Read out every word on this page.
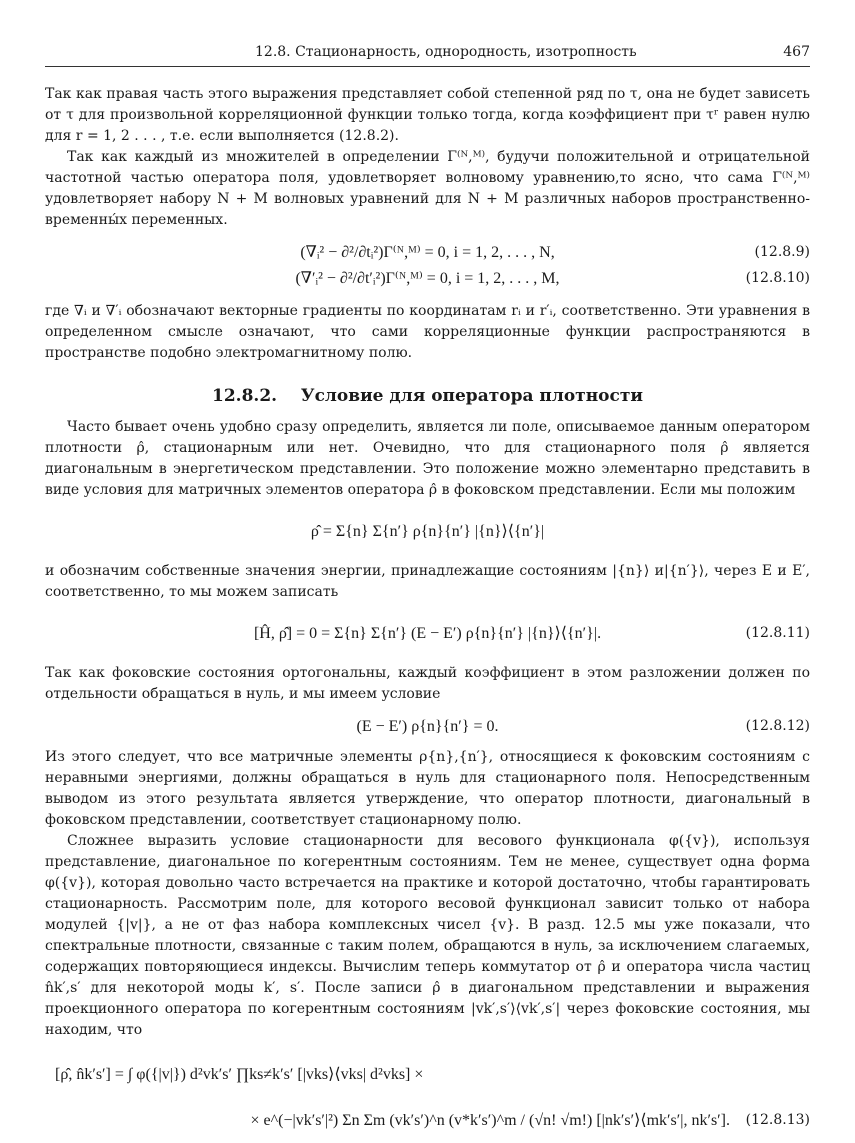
12.8. Стационарность, однородность, изотропность	467

Так как правая часть этого выражения представляет собой степенной ряд по τ, она не будет зависеть от τ для произвольной корреляционной функции только тогда, когда коэффициент при τʳ равен нулю для r = 1, 2 . . . , т.е. если выполняется (12.8.2).

Так как каждый из множителей в определении Γ⁽ᴺ,ᴹ⁾, будучи положительной и отрицательной частотной частью оператора поля, удовлетворяет волновому уравнению,то ясно, что сама Γ⁽ᴺ,ᴹ⁾ удовлетворяет набору N + M волновых уравнений для N + M различных наборов пространственно-временны́х переменных.

(∇ᵢ² − ∂²/∂tᵢ²)Γ⁽ᴺ,ᴹ⁾ = 0, i = 1, 2, . . . , N,	(12.8.9)
(∇′ᵢ² − ∂²/∂t′ᵢ²)Γ⁽ᴺ,ᴹ⁾ = 0, i = 1, 2, . . . , M,	(12.8.10)

где ∇ᵢ и ∇′ᵢ обозначают векторные градиенты по координатам rᵢ и r′ᵢ, соответственно. Эти уравнения в определенном смысле означают, что сами корреляционные функции распространяются в пространстве подобно электромагнитному полю.

12.8.2. Условие для оператора плотности

Часто бывает очень удобно сразу определить, является ли поле, описываемое данным оператором плотности ρ̂, стационарным или нет. Очевидно, что для стационарного поля ρ̂ является диагональным в энергетическом представлении. Это положение можно элементарно представить в виде условия для матричных элементов оператора ρ̂ в фоковском представлении. Если мы положим

ρ̂ = Σ{n} Σ{n′} ρ{n}{n′} |{n}⟩⟨{n′}|

и обозначим собственные значения энергии, принадлежащие состояниям |{n}⟩ и|{n′}⟩, через E и E′, соответственно, то мы можем записать

[Ĥ, ρ̂] = 0 = Σ{n} Σ{n′} (E − E′) ρ{n}{n′} |{n}⟩⟨{n′}|.	(12.8.11)

Так как фоковские состояния ортогональны, каждый коэффициент в этом разложении должен по отдельности обращаться в нуль, и мы имеем условие

(E − E′) ρ{n}{n′} = 0.	(12.8.12)

Из этого следует, что все матричные элементы ρ{n},{n′}, относящиеся к фоковским состояниям с неравными энергиями, должны обращаться в нуль для стационарного поля. Непосредственным выводом из этого результата является утверждение, что оператор плотности, диагональный в фоковском представлении, соответствует стационарному полю.

Сложнее выразить условие стационарности для весового функционала φ({v}), используя представление, диагональное по когерентным состояниям. Тем не менее, существует одна форма φ({v}), которая довольно часто встречается на практике и которой достаточно, чтобы гарантировать стационарность. Рассмотрим поле, для которого весовой функционал зависит только от набора модулей {|v|}, а не от фаз набора комплексных чисел {v}. В разд. 12.5 мы уже показали, что спектральные плотности, связанные с таким полем, обращаются в нуль, за исключением слагаемых, содержащих повторяющиеся индексы. Вычислим теперь коммутатор от ρ̂ и оператора числа частиц n̂k′,s′ для некоторой моды k′, s′. После записи ρ̂ в диагональном представлении и выражения проекционного оператора по когерентным состояниям |vk′,s′⟩⟨vk′,s′| через фоковские состояния, мы находим, что

[ρ̂, n̂k′s′] = ∫ φ({|v|}) d²vk′s′ ∏ks≠k′s′ [|vks⟩⟨vks| d²vks] ×
× e^(−|vk′s′|²) Σn Σm (vk′s′)^n (v*k′s′)^m / (√n! √m!) [|nk′s′⟩⟨mk′s′|, nk′s′]. (12.8.13)
